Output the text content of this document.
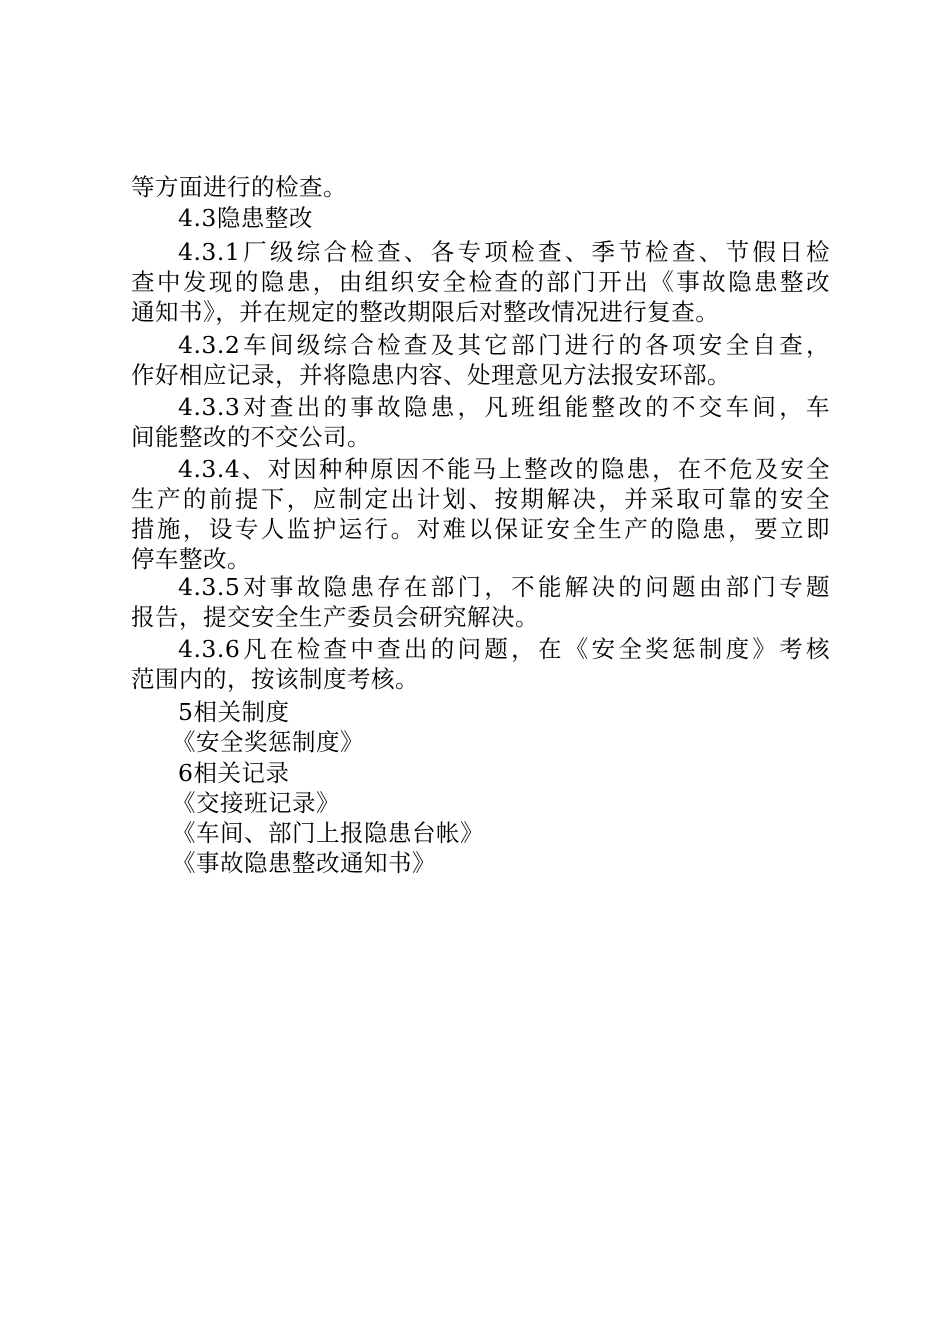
等方面进行的检查。
4.3隐患整改
4.3.1厂级综合检查、各专项检查、季节检查、节假日检
查中发现的隐患，由组织安全检查的部门开出《事故隐患整改
通知书》，并在规定的整改期限后对整改情况进行复查。
4.3.2车间级综合检查及其它部门进行的各项安全自查，
作好相应记录，并将隐患内容、处理意见方法报安环部。
4.3.3对查出的事故隐患，凡班组能整改的不交车间，车
间能整改的不交公司。
4.3.4、对因种种原因不能马上整改的隐患，在不危及安全
生产的前提下，应制定出计划、按期解决，并采取可靠的安全
措施，设专人监护运行。对难以保证安全生产的隐患，要立即
停车整改。
4.3.5对事故隐患存在部门，不能解决的问题由部门专题
报告，提交安全生产委员会研究解决。
4.3.6凡在检查中查出的问题，在《安全奖惩制度》考核
范围内的，按该制度考核。
5相关制度
《安全奖惩制度》
6相关记录
《交接班记录》
《车间、部门上报隐患台帐》
《事故隐患整改通知书》
